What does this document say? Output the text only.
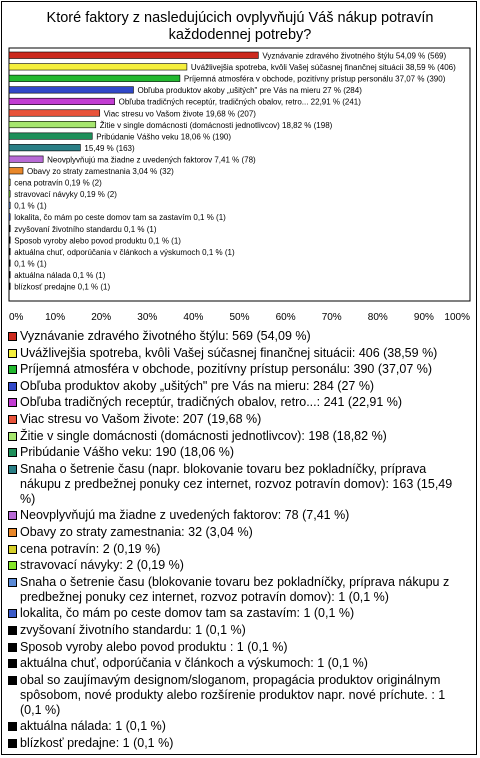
Ktoré faktory z nasledujúcich ovplyvňujú Váš nákup potravín každodennej potreby?
Vyznávanie zdravého životného štýlu 54,09 % (569)
Uvážlivejšia spotreba, kvôli Vašej súčasnej finančnej situácii 38,59 % (406)
Príjemná atmosféra v obchode, pozitívny prístup personálu 37,07 % (390)
Obľuba produktov akoby „ušitých" pre Vás na mieru 27 % (284)
Obľuba tradičných receptúr, tradičných obalov, retro... 22,91 % (241)
Viac stresu vo Vašom živote 19,68 % (207)
Žitie v single domácnosti (domácnosti jednotlivcov) 18,82 % (198)
Pribúdanie Vášho veku 18,06 % (190)
15,49 % (163)
Neovplyvňujú ma žiadne z uvedených faktorov 7,41 % (78)
Obavy zo straty zamestnania 3,04 % (32)
cena potravín 0,19 % (2)
stravovací návyky 0,19 % (2)
0,1 % (1)
lokalita, čo mám po ceste domov tam sa zastavím 0,1 % (1)
zvyšovaní životního standardu 0,1 % (1)
Sposob vyroby alebo povod produktu 0,1 % (1)
aktuálna chuť, odporúčania v článkoch a výskumoch 0,1 % (1)
0,1 % (1)
aktuálna nálada 0,1 % (1)
blízkosť predajne 0,1 % (1)
0% 10%	20%	30%	40%	50%	60%	70%	80%	90% 100%
Vyznávanie zdravého životného štýlu: 569 (54,09 %)
Uvážlivejšia spotreba, kvôli Vašej súčasnej finančnej situácii: 406 (38,59 %)
Príjemná atmosféra v obchode, pozitívny prístup personálu: 390 (37,07 %)
Obľuba produktov akoby „ušitých" pre Vás na mieru: 284 (27 %)
Obľuba tradičných receptúr, tradičných obalov, retro...: 241 (22,91 %)
Viac stresu vo Vašom živote: 207 (19,68 %)
Žitie v single domácnosti (domácnosti jednotlivcov): 198 (18,82 %)
Pribúdanie Vášho veku: 190 (18,06 %)
Snaha o šetrenie času (napr. blokovanie tovaru bez pokladníčky, príprava nákupu z predbežnej ponuky cez internet, rozvoz potravín domov): 163 (15,49 %)
Neovplyvňujú ma žiadne z uvedených faktorov: 78 (7,41 %)
Obavy zo straty zamestnania: 32 (3,04 %)
cena potravín: 2 (0,19 %)
stravovací návyky: 2 (0,19 %)
Snaha o šetrenie času (blokovanie tovaru bez pokladníčky, príprava nákupu z predbežnej ponuky cez internet, rozvoz potravín domov): 1 (0,1 %)
lokalita, čo mám po ceste domov tam sa zastavím: 1 (0,1 %)
zvyšovaní životního standardu: 1 (0,1 %)
Sposob vyroby alebo povod produktu : 1 (0,1 %)
aktuálna chuť, odporúčania v článkoch a výskumoch: 1 (0,1 %)
obal so zaujímavým designom/sloganom, propagácia produktov originálnym spôsobom, nové produkty alebo rozšírenie produktov napr. nové príchute. : 1 (0,1 %)
aktuálna nálada: 1 (0,1 %)
blízkosť predajne: 1 (0,1 %)
